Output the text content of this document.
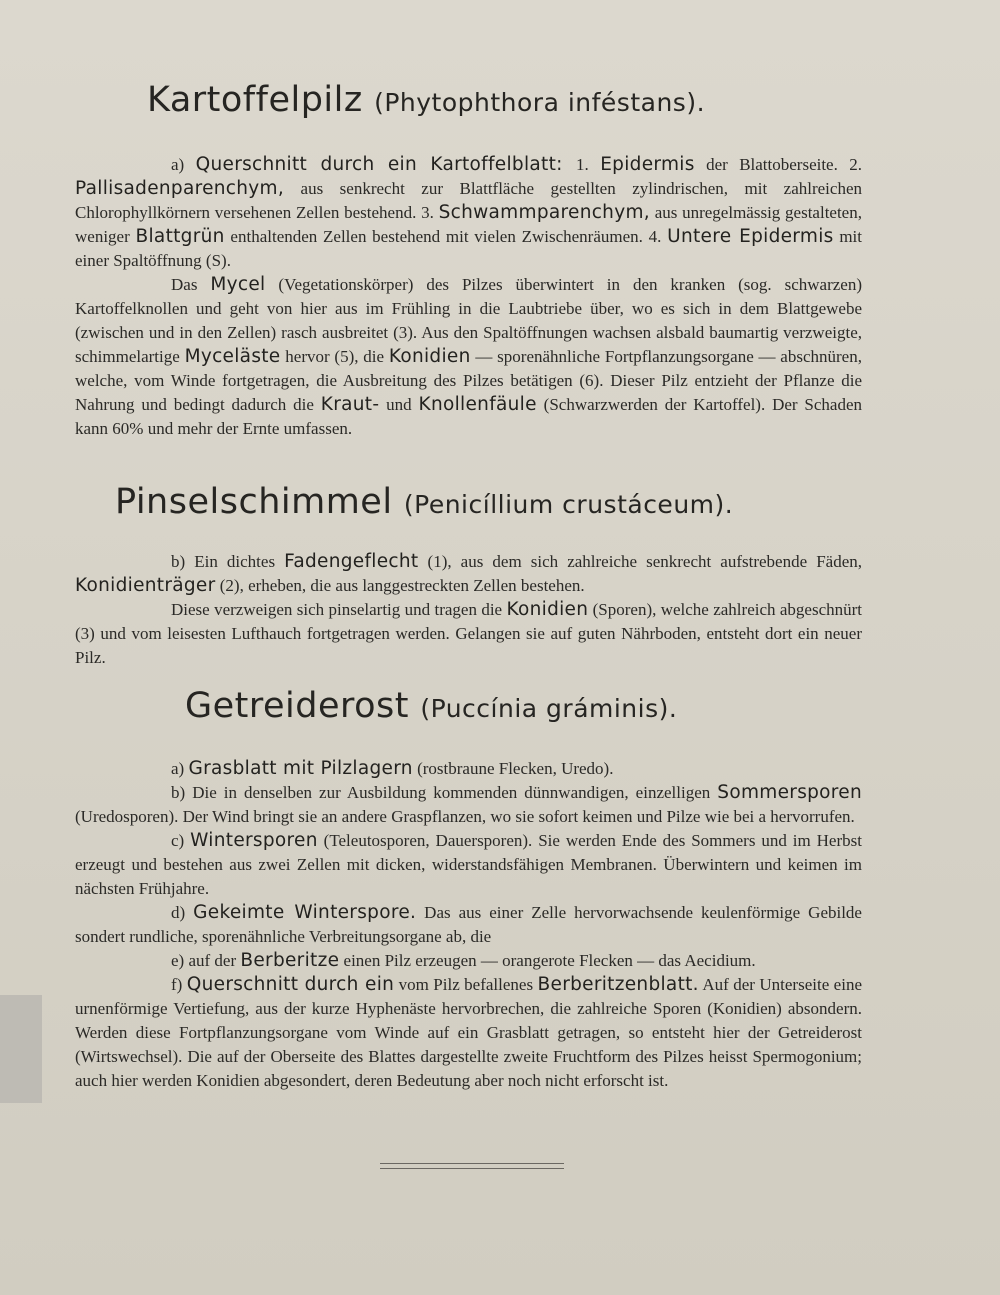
Kartoffelpilz (Phytophthora inféstans).

a) Querschnitt durch ein Kartoffelblatt: 1. Epidermis der Blattoberseite. 2. Pallisadenparenchym, aus senkrecht zur Blattfläche gestellten zylindrischen, mit zahlreichen Chlorophyllkörnern versehenen Zellen bestehend. 3. Schwammparenchym, aus unregelmässig gestalteten, weniger Blattgrün enthaltenden Zellen bestehend mit vielen Zwischenräumen. 4. Untere Epidermis mit einer Spaltöffnung (S).

Das Mycel (Vegetationskörper) des Pilzes überwintert in den kranken (sog. schwarzen) Kartoffelknollen und geht von hier aus im Frühling in die Laubtriebe über, wo es sich in dem Blattgewebe (zwischen und in den Zellen) rasch ausbreitet (3). Aus den Spaltöffnungen wachsen alsbald baumartig verzweigte, schimmelartige Myceläste hervor (5), die Konidien — sporenähnliche Fortpflanzungsorgane — abschnüren, welche, vom Winde fortgetragen, die Ausbreitung des Pilzes betätigen (6). Dieser Pilz entzieht der Pflanze die Nahrung und bedingt dadurch die Kraut- und Knollenfäule (Schwarzwerden der Kartoffel). Der Schaden kann 60% und mehr der Ernte umfassen.

Pinselschimmel (Penicíllium crustáceum).

b) Ein dichtes Fadengeflecht (1), aus dem sich zahlreiche senkrecht aufstrebende Fäden, Konidienträger (2), erheben, die aus langgestreckten Zellen bestehen.

Diese verzweigen sich pinselartig und tragen die Konidien (Sporen), welche zahlreich abgeschnürt (3) und vom leisesten Lufthauch fortgetragen werden. Gelangen sie auf guten Nährboden, entsteht dort ein neuer Pilz.

Getreiderost (Puccínia gráminis).

a) Grasblatt mit Pilzlagern (rostbraune Flecken, Uredo).

b) Die in denselben zur Ausbildung kommenden dünnwandigen, einzelligen Sommersporen (Uredosporen). Der Wind bringt sie an andere Graspflanzen, wo sie sofort keimen und Pilze wie bei a hervorrufen.

c) Wintersporen (Teleutosporen, Dauersporen). Sie werden Ende des Sommers und im Herbst erzeugt und bestehen aus zwei Zellen mit dicken, widerstandsfähigen Membranen. Überwintern und keimen im nächsten Frühjahre.

d) Gekeimte Winterspore. Das aus einer Zelle hervorwachsende keulenförmige Gebilde sondert rundliche, sporenähnliche Verbreitungsorgane ab, die

e) auf der Berberitze einen Pilz erzeugen — orangerote Flecken — das Aecidium.

f) Querschnitt durch ein vom Pilz befallenes Berberitzenblatt. Auf der Unterseite eine urnenförmige Vertiefung, aus der kurze Hyphenäste hervorbrechen, die zahlreiche Sporen (Konidien) absondern. Werden diese Fortpflanzungsorgane vom Winde auf ein Grasblatt getragen, so entsteht hier der Getreiderost (Wirtswechsel). Die auf der Oberseite des Blattes dargestellte zweite Fruchtform des Pilzes heisst Spermogonium; auch hier werden Konidien abgesondert, deren Bedeutung aber noch nicht erforscht ist.
